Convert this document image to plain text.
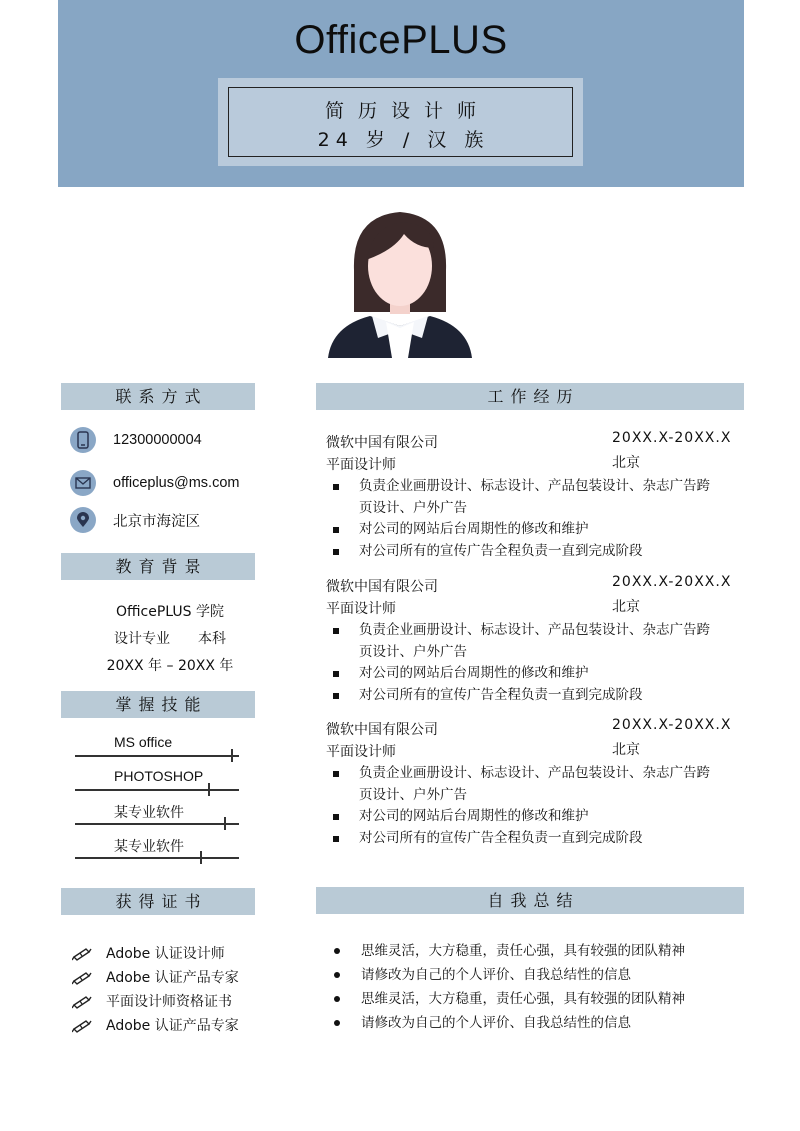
OfficePLUS
简历设计师
24 岁 / 汉 族
联系方式
12300000004
officeplus@ms.com
北京市海淀区
教育背景
OfficePLUS 学院
设计专业　　本科
20XX 年 – 20XX 年
掌握技能
MS office
PHOTOSHOP
某专业软件
某专业软件
获得证书
Adobe 认证设计师
Adobe 认证产品专家
平面设计师资格证书
Adobe 认证产品专家
工作经历
微软中国有限公司	20XX.X-20XX.X
平面设计师	北京
负责企业画册设计、标志设计、产品包装设计、杂志广告跨页设计、户外广告
对公司的网站后台周期性的修改和维护
对公司所有的宣传广告全程负责一直到完成阶段
微软中国有限公司	20XX.X-20XX.X
平面设计师	北京
负责企业画册设计、标志设计、产品包装设计、杂志广告跨页设计、户外广告
对公司的网站后台周期性的修改和维护
对公司所有的宣传广告全程负责一直到完成阶段
微软中国有限公司	20XX.X-20XX.X
平面设计师	北京
负责企业画册设计、标志设计、产品包装设计、杂志广告跨页设计、户外广告
对公司的网站后台周期性的修改和维护
对公司所有的宣传广告全程负责一直到完成阶段
自我总结
思维灵活，大方稳重，责任心强，具有较强的团队精神
请修改为自己的个人评价、自我总结性的信息
思维灵活，大方稳重，责任心强，具有较强的团队精神
请修改为自己的个人评价、自我总结性的信息
